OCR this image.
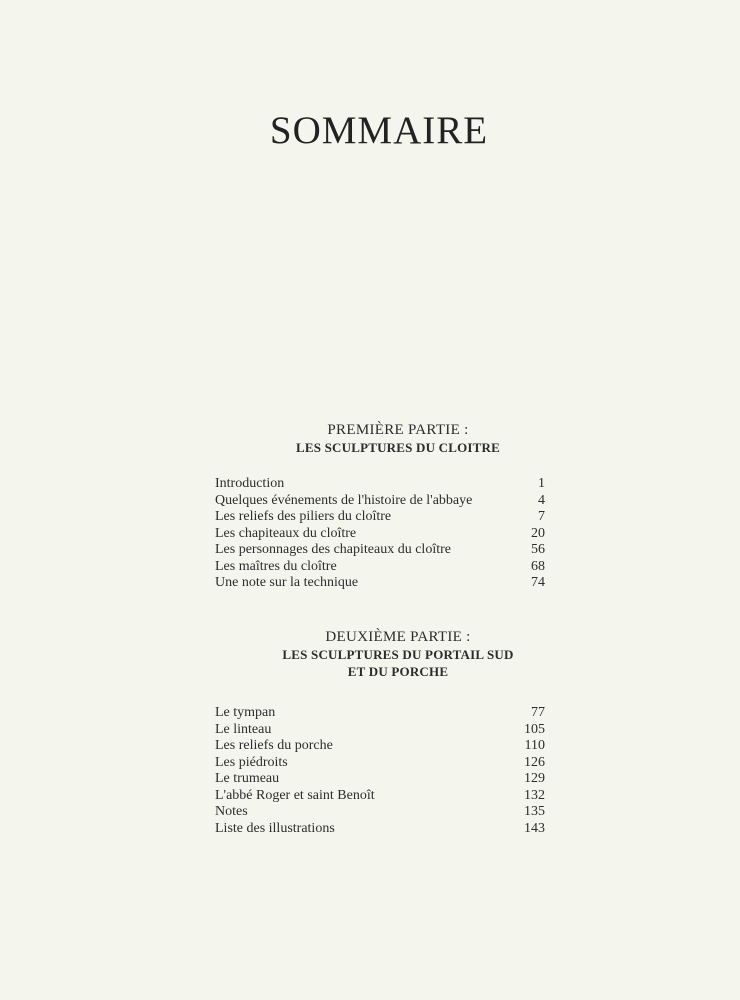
SOMMAIRE
PREMIÈRE PARTIE :
LES SCULPTURES DU CLOITRE
Introduction	1
Quelques événements de l'histoire de l'abbaye	4
Les reliefs des piliers du cloître	7
Les chapiteaux du cloître	20
Les personnages des chapiteaux du cloître	56
Les maîtres du cloître	68
Une note sur la technique	74
DEUXIÈME PARTIE :
LES SCULPTURES DU PORTAIL SUD
ET DU PORCHE
Le tympan	77
Le linteau	105
Les reliefs du porche	110
Les piédroits	126
Le trumeau	129
L'abbé Roger et saint Benoît	132
Notes	135
Liste des illustrations	143
